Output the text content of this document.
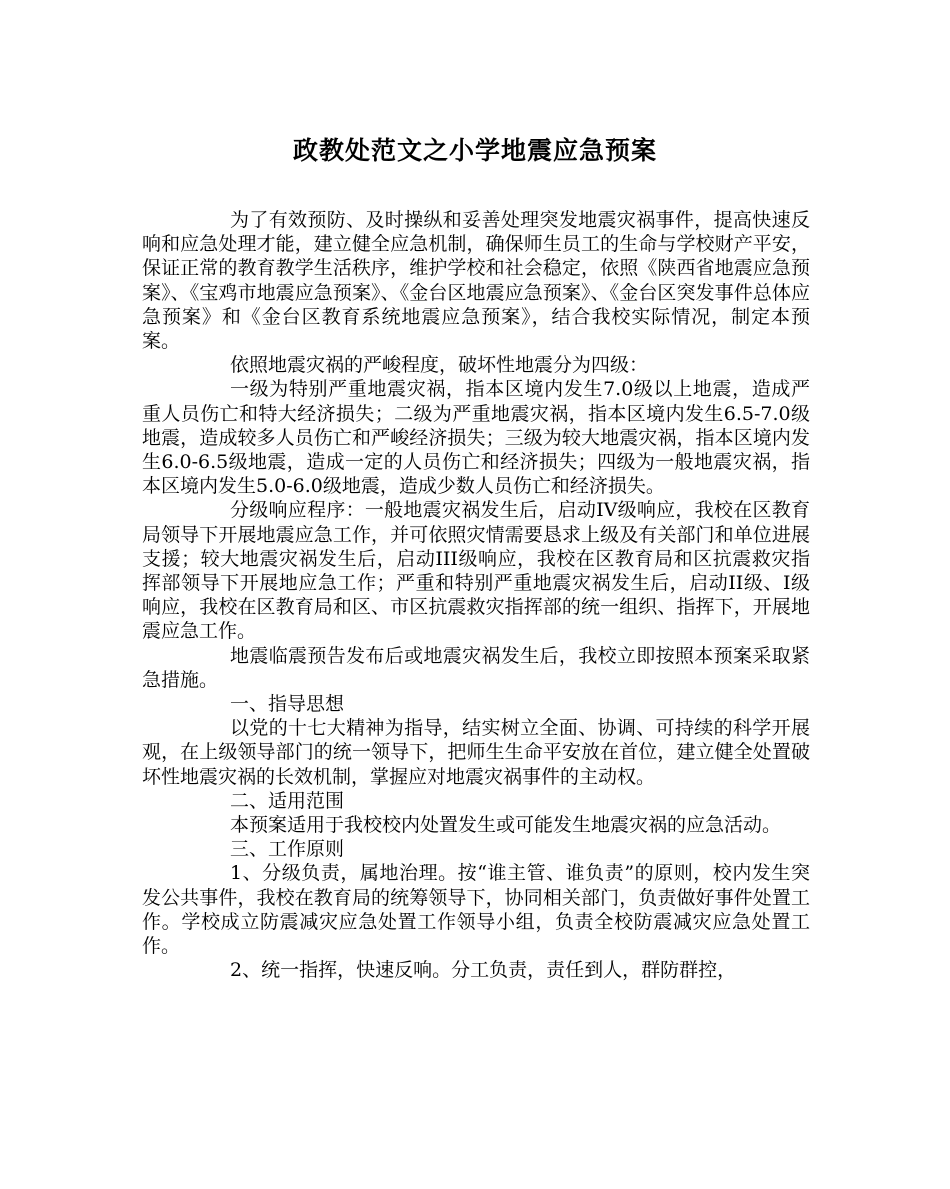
政教处范文之小学地震应急预案

为了有效预防、及时操纵和妥善处理突发地震灾祸事件，提高快速反响和应急处理才能，建立健全应急机制，确保师生员工的生命与学校财产平安，保证正常的教育教学生活秩序，维护学校和社会稳定，依照《陕西省地震应急预案》、《宝鸡市地震应急预案》、《金台区地震应急预案》、《金台区突发事件总体应急预案》和《金台区教育系统地震应急预案》，结合我校实际情况，制定本预案。

依照地震灾祸的严峻程度，破坏性地震分为四级：

一级为特别严重地震灾祸，指本区境内发生7.0级以上地震，造成严重人员伤亡和特大经济损失；二级为严重地震灾祸，指本区境内发生6.5-7.0级地震，造成较多人员伤亡和严峻经济损失；三级为较大地震灾祸，指本区境内发生6.0-6.5级地震，造成一定的人员伤亡和经济损失；四级为一般地震灾祸，指本区境内发生5.0-6.0级地震，造成少数人员伤亡和经济损失。

分级响应程序：一般地震灾祸发生后，启动IV级响应，我校在区教育局领导下开展地震应急工作，并可依照灾情需要恳求上级及有关部门和单位进展支援；较大地震灾祸发生后，启动III级响应，我校在区教育局和区抗震救灾指挥部领导下开展地应急工作；严重和特别严重地震灾祸发生后，启动II级、I级响应，我校在区教育局和区、市区抗震救灾指挥部的统一组织、指挥下，开展地震应急工作。

地震临震预告发布后或地震灾祸发生后，我校立即按照本预案采取紧急措施。

一、指导思想

以党的十七大精神为指导，结实树立全面、协调、可持续的科学开展观，在上级领导部门的统一领导下，把师生生命平安放在首位，建立健全处置破坏性地震灾祸的长效机制，掌握应对地震灾祸事件的主动权。

二、适用范围

本预案适用于我校校内处置发生或可能发生地震灾祸的应急活动。

三、工作原则

1、分级负责，属地治理。按“谁主管、谁负责”的原则，校内发生突发公共事件，我校在教育局的统筹领导下，协同相关部门，负责做好事件处置工作。学校成立防震减灾应急处置工作领导小组，负责全校防震减灾应急处置工作。

2、统一指挥，快速反响。分工负责，责任到人，群防群控，
